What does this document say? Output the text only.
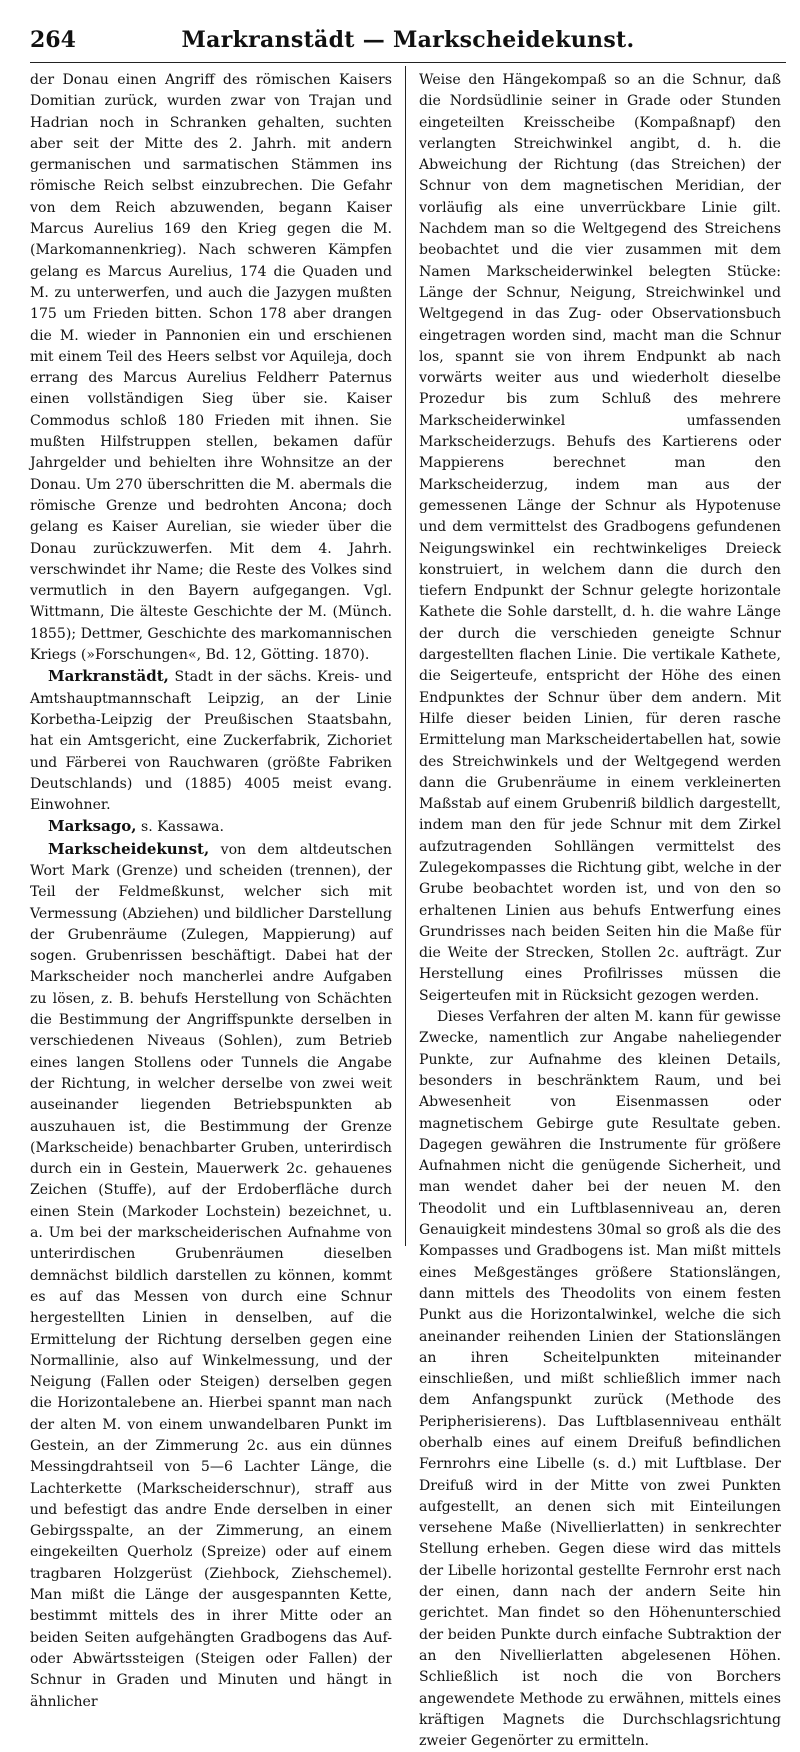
264	Markranstädt — Markscheidekunst.

der Donau einen Angriff des römischen Kaisers Domitian zurück, wurden zwar von Trajan und Hadrian noch in Schranken gehalten, suchten aber seit der Mitte des 2. Jahrh. mit andern germanischen und sarmatischen Stämmen ins römische Reich selbst einzubrechen. Die Gefahr von dem Reich abzuwenden, begann Kaiser Marcus Aurelius 169 den Krieg gegen die M. (Markomannenkrieg). Nach schweren Kämpfen gelang es Marcus Aurelius, 174 die Quaden und M. zu unterwerfen, und auch die Jazygen mußten 175 um Frieden bitten. Schon 178 aber drangen die M. wieder in Pannonien ein und erschienen mit einem Teil des Heers selbst vor Aquileja, doch errang des Marcus Aurelius Feldherr Paternus einen vollständigen Sieg über sie. Kaiser Commodus schloß 180 Frieden mit ihnen. Sie mußten Hilfstruppen stellen, bekamen dafür Jahrgelder und behielten ihre Wohnsitze an der Donau. Um 270 überschritten die M. abermals die römische Grenze und bedrohten Ancona; doch gelang es Kaiser Aurelian, sie wieder über die Donau zurückzuwerfen. Mit dem 4. Jahrh. verschwindet ihr Name; die Reste des Volkes sind vermutlich in den Bayern aufgegangen. Vgl. Wittmann, Die älteste Geschichte der M. (Münch. 1855); Dettmer, Geschichte des markomannischen Kriegs (»Forschungen«, Bd. 12, Götting. 1870).

Markranstädt, Stadt in der sächs. Kreis- und Amtshauptmannschaft Leipzig, an der Linie Korbetha-Leipzig der Preußischen Staatsbahn, hat ein Amtsgericht, eine Zuckerfabrik, Zichoriet und Färberei von Rauchwaren (größte Fabriken Deutschlands) und (1885) 4005 meist evang. Einwohner.

Marksago, s. Kassawa.

Markscheidekunst, von dem altdeutschen Wort Mark (Grenze) und scheiden (trennen), der Teil der Feldmeßkunst, welcher sich mit Vermessung (Abziehen) und bildlicher Darstellung der Grubenräume (Zulegen, Mappierung) auf sogen. Grubenrissen beschäftigt. Dabei hat der Markscheider noch mancherlei andre Aufgaben zu lösen, z. B. behufs Herstellung von Schächten die Bestimmung der Angriffspunkte derselben in verschiedenen Niveaus (Sohlen), zum Betrieb eines langen Stollens oder Tunnels die Angabe der Richtung, in welcher derselbe von zwei weit auseinander liegenden Betriebspunkten ab auszuhauen ist, die Bestimmung der Grenze (Markscheide) benachbarter Gruben, unterirdisch durch ein in Gestein, Mauerwerk 2c. gehauenes Zeichen (Stuffe), auf der Erdoberfläche durch einen Stein (Markoder Lochstein) bezeichnet, u. a. Um bei der markscheiderischen Aufnahme von unterirdischen Grubenräumen dieselben demnächst bildlich darstellen zu können, kommt es auf das Messen von durch eine Schnur hergestellten Linien in denselben, auf die Ermittelung der Richtung derselben gegen eine Normallinie, also auf Winkelmessung, und der Neigung (Fallen oder Steigen) derselben gegen die Horizontalebene an. Hierbei spannt man nach der alten M. von einem unwandelbaren Punkt im Gestein, an der Zimmerung 2c. aus ein dünnes Messingdrahtseil von 5—6 Lachter Länge, die Lachterkette (Markscheiderschnur), straff aus und befestigt das andre Ende derselben in einer Gebirgsspalte, an der Zimmerung, an einem eingekeilten Querholz (Spreize) oder auf einem tragbaren Holzgerüst (Ziehbock, Ziehschemel). Man mißt die Länge der ausgespannten Kette, bestimmt mittels des in ihrer Mitte oder an beiden Seiten aufgehängten Gradbogens das Auf- oder Abwärtssteigen (Steigen oder Fallen) der Schnur in Graden und Minuten und hängt in ähnlicher

Weise den Hängekompaß so an die Schnur, daß die Nordsüdlinie seiner in Grade oder Stunden eingeteilten Kreisscheibe (Kompaßnapf) den verlangten Streichwinkel angibt, d. h. die Abweichung der Richtung (das Streichen) der Schnur von dem magnetischen Meridian, der vorläufig als eine unverrückbare Linie gilt. Nachdem man so die Weltgegend des Streichens beobachtet und die vier zusammen mit dem Namen Markscheiderwinkel belegten Stücke: Länge der Schnur, Neigung, Streichwinkel und Weltgegend in das Zug- oder Observationsbuch eingetragen worden sind, macht man die Schnur los, spannt sie von ihrem Endpunkt ab nach vorwärts weiter aus und wiederholt dieselbe Prozedur bis zum Schluß des mehrere Markscheiderwinkel umfassenden Markscheiderzugs. Behufs des Kartierens oder Mappierens berechnet man den Markscheiderzug, indem man aus der gemessenen Länge der Schnur als Hypotenuse und dem vermittelst des Gradbogens gefundenen Neigungswinkel ein rechtwinkeliges Dreieck konstruiert, in welchem dann die durch den tiefern Endpunkt der Schnur gelegte horizontale Kathete die Sohle darstellt, d. h. die wahre Länge der durch die verschieden geneigte Schnur dargestellten flachen Linie. Die vertikale Kathete, die Seigerteufe, entspricht der Höhe des einen Endpunktes der Schnur über dem andern. Mit Hilfe dieser beiden Linien, für deren rasche Ermittelung man Markscheidertabellen hat, sowie des Streichwinkels und der Weltgegend werden dann die Grubenräume in einem verkleinerten Maßstab auf einem Grubenriß bildlich dargestellt, indem man den für jede Schnur mit dem Zirkel aufzutragenden Sohllängen vermittelst des Zulegekompasses die Richtung gibt, welche in der Grube beobachtet worden ist, und von den so erhaltenen Linien aus behufs Entwerfung eines Grundrisses nach beiden Seiten hin die Maße für die Weite der Strecken, Stollen 2c. aufträgt. Zur Herstellung eines Profilrisses müssen die Seigerteufen mit in Rücksicht gezogen werden.

Dieses Verfahren der alten M. kann für gewisse Zwecke, namentlich zur Angabe naheliegender Punkte, zur Aufnahme des kleinen Details, besonders in beschränktem Raum, und bei Abwesenheit von Eisenmassen oder magnetischem Gebirge gute Resultate geben. Dagegen gewähren die Instrumente für größere Aufnahmen nicht die genügende Sicherheit, und man wendet daher bei der neuen M. den Theodolit und ein Luftblasenniveau an, deren Genauigkeit mindestens 30mal so groß als die des Kompasses und Gradbogens ist. Man mißt mittels eines Meßgestänges größere Stationslängen, dann mittels des Theodolits von einem festen Punkt aus die Horizontalwinkel, welche die sich aneinander reihenden Linien der Stationslängen an ihren Scheitelpunkten miteinander einschließen, und mißt schließlich immer nach dem Anfangspunkt zurück (Methode des Peripherisierens). Das Luftblasenniveau enthält oberhalb eines auf einem Dreifuß befindlichen Fernrohrs eine Libelle (s. d.) mit Luftblase. Der Dreifuß wird in der Mitte von zwei Punkten aufgestellt, an denen sich mit Einteilungen versehene Maße (Nivellierlatten) in senkrechter Stellung erheben. Gegen diese wird das mittels der Libelle horizontal gestellte Fernrohr erst nach der einen, dann nach der andern Seite hin gerichtet. Man findet so den Höhenunterschied der beiden Punkte durch einfache Subtraktion der an den Nivellierlatten abgelesenen Höhen. Schließlich ist noch die von Borchers angewendete Methode zu erwähnen, mittels eines kräftigen Magnets die Durchschlagsrichtung zweier Gegenörter zu ermitteln.
